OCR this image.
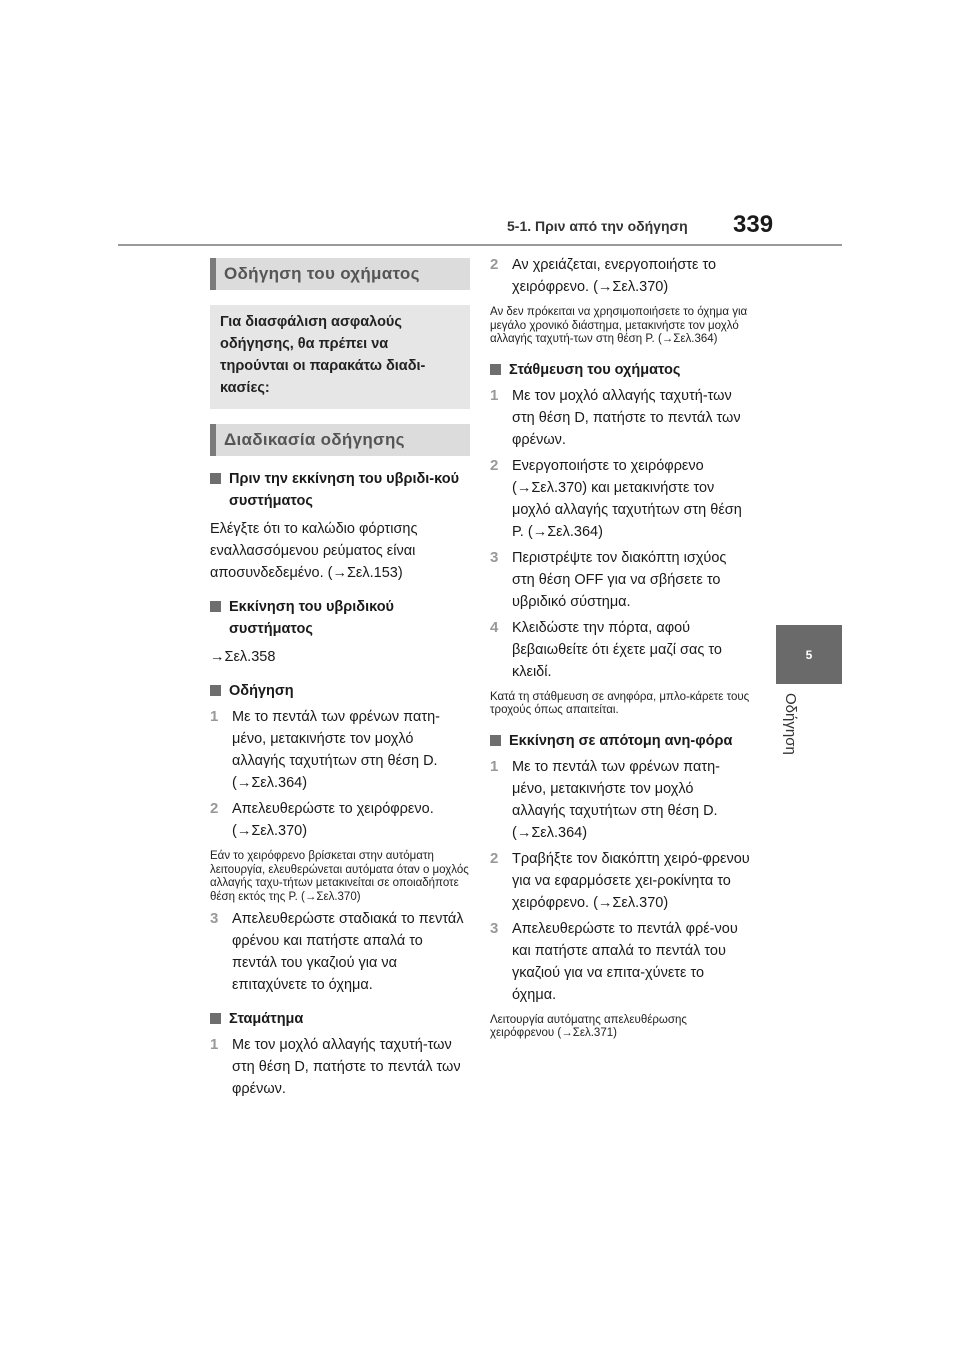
5-1. Πριν από την οδήγηση 339
5
Οδήγηση
Οδήγηση του οχήματος
Για διασφάλιση ασφαλούς οδήγησης, θα πρέπει να τηρούνται οι παρακάτω διαδι-κασίες:
Διαδικασία οδήγησης
Πριν την εκκίνηση του υβριδι-κού συστήματος
Ελέγξτε ότι το καλώδιο φόρτισης εναλλασσόμενου ρεύματος είναι αποσυνδεδεμένο. (→Σελ.153)
Εκκίνηση του υβριδικού συστήματος
→Σελ.358
Οδήγηση
1 Με το πεντάλ των φρένων πατη-μένο, μετακινήστε τον μοχλό αλλαγής ταχυτήτων στη θέση D. (→Σελ.364)
2 Απελευθερώστε το χειρόφρενο. (→Σελ.370)
Εάν το χειρόφρενο βρίσκεται στην αυτόματη λειτουργία, ελευθερώνεται αυτόματα όταν ο μοχλός αλλαγής ταχυ-τήτων μετακινείται σε οποιαδήποτε θέση εκτός της P. (→Σελ.370)
3 Απελευθερώστε σταδιακά το πεντάλ φρένου και πατήστε απαλά το πεντάλ του γκαζιού για να επιταχύνετε το όχημα.
Σταμάτημα
1 Με τον μοχλό αλλαγής ταχυτή-των στη θέση D, πατήστε το πεντάλ των φρένων.
2 Αν χρειάζεται, ενεργοποιήστε το χειρόφρενο. (→Σελ.370)
Αν δεν πρόκειται να χρησιμοποιήσετε το όχημα για μεγάλο χρονικό διάστημα, μετακινήστε τον μοχλό αλλαγής ταχυτή-των στη θέση P. (→Σελ.364)
Στάθμευση του οχήματος
1 Με τον μοχλό αλλαγής ταχυτή-των στη θέση D, πατήστε το πεντάλ των φρένων.
2 Ενεργοποιήστε το χειρόφρενο (→Σελ.370) και μετακινήστε τον μοχλό αλλαγής ταχυτήτων στη θέση P. (→Σελ.364)
3 Περιστρέψτε τον διακόπτη ισχύος στη θέση OFF για να σβήσετε το υβριδικό σύστημα.
4 Κλειδώστε την πόρτα, αφού βεβαιωθείτε ότι έχετε μαζί σας το κλειδί.
Κατά τη στάθμευση σε ανηφόρα, μπλο-κάρετε τους τροχούς όπως απαιτείται.
Εκκίνηση σε απότομη ανη-φόρα
1 Με το πεντάλ των φρένων πατη-μένο, μετακινήστε τον μοχλό αλλαγής ταχυτήτων στη θέση D. (→Σελ.364)
2 Τραβήξτε τον διακόπτη χειρό-φρενου για να εφαρμόσετε χει-ροκίνητα το χειρόφρενο. (→Σελ.370)
3 Απελευθερώστε το πεντάλ φρέ-νου και πατήστε απαλά το πεντάλ του γκαζιού για να επιτα-χύνετε το όχημα.
Λειτουργία αυτόματης απελευθέρωσης χειρόφρενου (→Σελ.371)
